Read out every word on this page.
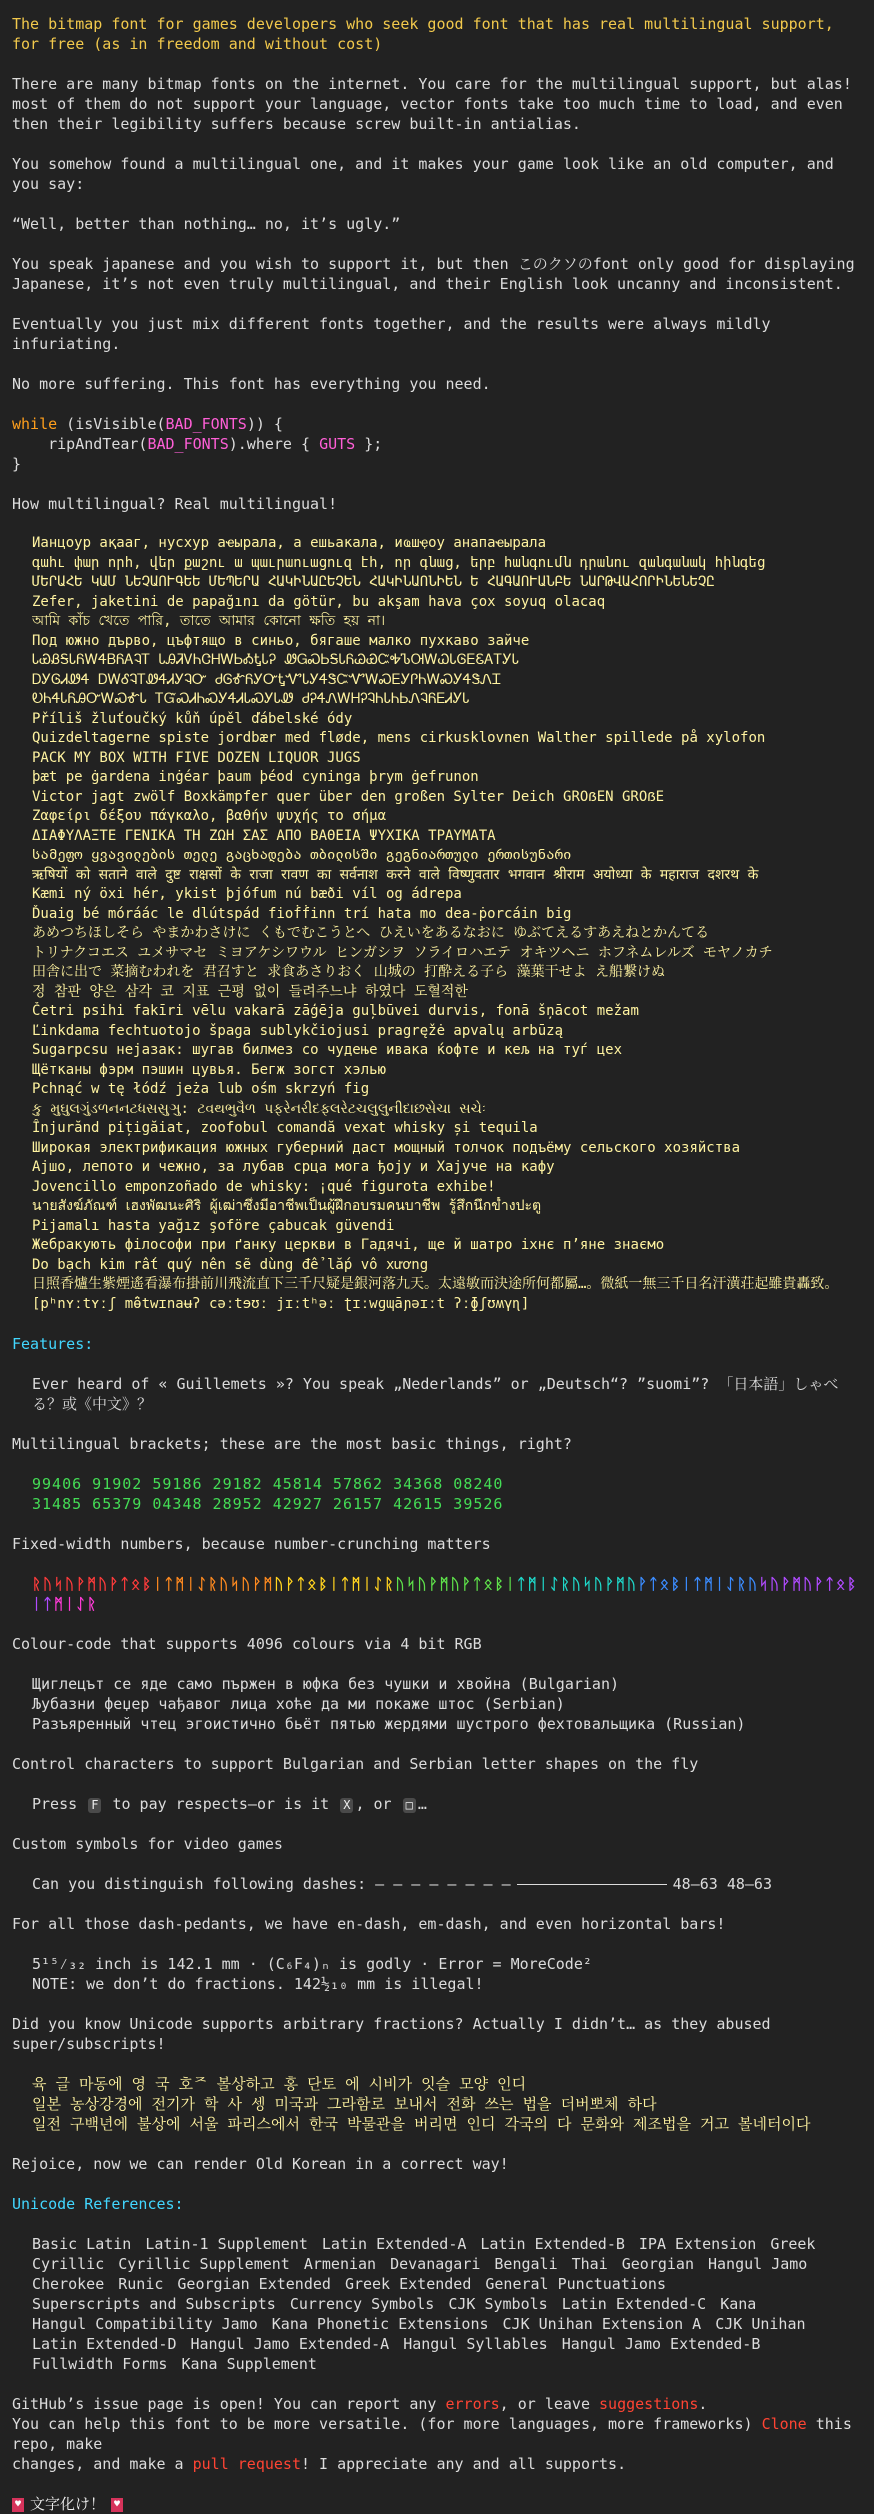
The bitmap font for games developers who seek good font that has real multilingual support,

for free (as in freedom and without cost)

There are many bitmap fonts on the internet. You care for the multilingual support, but alas!

most of them do not support your language, vector fonts take too much time to load, and even

then their legibility suffers because screw built-in antialias.

You somehow found a multilingual one, and it makes your game look like an old computer, and you say:

“Well, better than nothing… no, it’s ugly.”

You speak japanese and you wish to support it, but then このクソのfont only good for displaying

Japanese, it’s not even truly multilingual, and their English look uncanny and inconsistent.

Eventually you just mix different fonts together, and the results were always mildly infuriating.

No more suffering. This font has everything you need.

while (isVisible(BAD_FONTS)) {

ripAndTear(BAD_FONTS).where { GUTS };

}

How multilingual? Real multilingual!

Ианцоур ақааг, нусхур аҽырала, а ешьакала, иҩшҿоу анапаҽырала

գահւ փար որհ, վեր քաշու ա պաւրաուացուզ էհ, որ գնաց, երբ հանգումն դրանու զանգանակ հինգեց

ՄԵՐԱՀԵ ԿԱՄ ՆԵՉԱՈՒԳԵԵ ՄԵՊԵՐԱ ՀԱԿԻՆԱԸԵՉԵՆ ՀԱԿԻՆԱՈՆԻԵՆ Ե ՀԱԳԱՈՒԱՆԲԵ ՆԱՐԹՎԱՀՈՐԻՆԵՆԵՉԸ

Zefer, jaketini de papağını da götür, bu akşam hava çox soyuq olacaq

আমি কাঁচ খেতে পারি, তাতে আমার কোনো ক্ষতি হয় না।

Под южно дърво, цъфтящо в синьо, бягаше малко пухкаво зайче

ᏓᏯᏰᎦᏓᏲᎳᏎᏴᏲᎪᎸᎢ ᏓᎯᏘᏙᏂᏣᎻᎳᏏᎣᎿᏓᎮ ᏪᏀᏍᏏᎦᏓᏲᏊᏯᏨᎭᏖᎺᎳᏇᏓᎶᎬᏋᎪᎢᎩᏓ

ᎠᎩᎶᏗᏪᏎ ᎠᎳᎴᎸᎢᏪᏎᏗᎩᎸᏅ ᏧᎶᎹᏲᎩᏅᎿᏉᏓᎩᏎᏕᏨᏉᎳᏍᎬᎩᎵᏂᎳᏍᎩᏎᏕᏁᏆ

ᎧᏂᏎᏓᏲᎯᏅᎳᏍᎹᏓ ᎢᏳᏍᏗᏂᏍᎩᏎᏗᏓᏍᎩᏓᏪ ᏧᎮᏎᏁᎳᎻᎮᎸᏂᏓᏂᏏᏁᎸᏲᎬᏗᎩᏓ

Příliš žluťoučký kůň úpěl ďábelské ódy

Quizdeltagerne spiste jordbær med fløde, mens cirkusklovnen Walther spillede på xylofon

PACK MY BOX WITH FIVE DOZEN LIQUOR JUGS

þæt pe ġardena inġéar þaum þéod cyninga þrym ġefrunon

Victor jagt zwölf Boxkämpfer quer über den großen Sylter Deich GROẞEN GROẞE

Ζαφείρι δέξου πάγκαλο, βαθήν ψυχής το σήμα

ΔΙΑΦΥΛΑΞΤΕ ΓΕΝΙΚΑ ΤΗ ΖΩΗ ΣΑΣ ΑΠΟ ΒΑΘΕΙΑ ΨΥΧΙΚΑ ΤΡΑΥΜΑΤΑ

სამეფო ყვავილების თელე გაცხადება თბილისში გეგნიართული ერთისუნარი

ऋषियों को सताने वाले दुष्ट राक्षसों के राजा रावण का सर्वनाश करने वाले विष्णुवतार भगवान श्रीराम अयोध्या के महाराज दशरथ के

Kæmi ný öxi hér, ykist þjófum nú bæði víl og ádrepa

Ďuaig bé móráác le dlútspád fioḟḟinn trí hata mo dea-ṗorcáin big

あめつちほしそら やまかわさけに くもでむこうとへ ひえいをあるなおに ゆぶてえるすあえねとかんてる

トリナクコエス ユメサマセ ミヨアケシワウル ヒンガシヲ ソライロハエテ オキツヘニ ホフネムレルズ モヤノカチ

田舎に出で 菜摘むわれを 君召すと 求食あさりおく 山城の 打酔える子ら 藻葉干せよ え船繋けぬ

정 참판 양은 삼각 코 지표 근평 없이 들려주느냐 하였다 도혈적한

Četri psihi fakīri vēlu vakarā zāģēja guļbūvei durvis, fonā šņācot mežam

Ľinkdama fechtuotojo špaga sublykčiojusi pragręžė apvalų arbūzą

Sugarpcsu нејазак: шугав билмез со чудење ивака ќофте и кељ на туѓ цех

Щётканы фэрм пэшин цувья. Бегж зогст хэлью

Pchnąć w tę łódź jeża lub ośm skrzyń fig

કુ મુઘુલગુંડળનનટધસસુઞુ: ટવથભુવૈળ પફરેનરીદફલરેટચલુલુનીદાછસેચા સચેઃ

Înjurănd pițigăiat, zoofobul comandă vexat whisky și tequila

Широкая электрификация южных губерний даст мощный толчок подъёму сельского хозяйства

Ајшо, лепото и чежно, за лубав срца мога ђоју и Хајуче на кафу

Jovencillo emponzoñado de whisky: ¡qué figurota exhibe!

นายสังฆ์ภัณฑ์ เฮงพัฒนะศิริ ผู้เฒ่าซึ่งมีอาชีพเป็นผู้ฝึกอบรมคนบาชีพ รู้สึกนึกข้ำงปะตู

Pijamalı hasta yağız şoföre çabucak güvendi

Жебракують філософи при ґанку церкви в Гадячі, ще й шатро іхнє п’яне знаємо

Do bạch kim rất quý nên sẽ dùng để lắp vô xương

日照香爐生紫煙遙看瀑布掛前川飛流直下三千尺疑是銀河落九天。太遠敏而決途所何都屬…。微紙一無三千日名汗潢荘起雖貴轟致。

[pʰnʏːtʏːʃ mɵ̈̂twɪnaʉʔ cəːtɘʊː jɪːtʰəː ʈɪːwɡɰāɲəɪːt ʔːɸʃʊʍγɳ]

Features:

Ever heard of « Guillemets »? You speak „Nederlands” or „Deutsch“? ”suomi”? 「日本語」しゃべる？或《中文》？

Multilingual brackets; these are the most basic things, right?

99406 91902 59186 29182 45814 57862 34368 08240

31485 65379 04348 28952 42927 26157 42615 39526

Fixed-width numbers, because number-crunching matters

ᚱᚢᛋᚢᚹᛗᚢᚹᛏᛟᛒᛁᛏᛗᛁᛇᚱᚢᛋᚢᚹᛗᚢᚹᛏᛟᛒᛁᛏᛗᛁᛇᚱᚢᛋᚢᚹᛗᚢᚹᛏᛟᛒᛁᛏᛗᛁᛇᚱᚢᛋᚢᚹᛗᚢᚹᛏᛟᛒᛁᛏᛗᛁᛇᚱᚢᛋᚢᚹᛗᚢᚹᛏᛟᛒᛁᛏᛗᛁᛇᚱ

Colour-code that supports 4096 colours via 4 bit RGB

Щиглецът се яде само пържен в юфка без чушки и хвойна (Bulgarian)

Љубазни феџер чађавог лица хоће да ми покаже штос (Serbian)

Разъяренный чтец эгоистично бьёт пятью жердями шустрого фехтовальщика (Russian)

Control characters to support Bulgarian and Serbian letter shapes on the fly

Press F to pay respects—or is it X , or □ …

Custom symbols for video games

Can you distinguish following dashes: ‒ ‒ ‒ ‒ – – – —	48–63 48–63

For all those dash-pedants, we have en-dash, em-dash, and even horizontal bars!

5¹⁵⁄₃₂ inch is 142.1 mm · (C₆F₄)ₙ is godly · Error = MoreCode²

NOTE: we don’t do fractions. 142½₁₀ mm is illegal!

Did you know Unicode supports arbitrary fractions? Actually I didn’t… as they abused super/subscripts!

육 글 마동에 영 국 호ᄌ 볼상하고 홍 단토 에 시비가 잇슬 모양 인디

일본 농상강경에 전기가 학 사 셍 미국과 그라함로 보내서 전화 쓰는 법을 더버뽀체 하다

일전 구백년에 불상에 서울 파리스에서 한국 박물관을 버리면 인디 각국의 다 문화와 제조법을 거고 볼네터이다

Rejoice, now we can render Old Korean in a correct way!

Unicode References:

Basic Latin Latin-1 Supplement Latin Extended-A Latin Extended-B IPA Extension GreekCyrillic Cyrillic Supplement Armenian Devanagari Bengali Thai Georgian Hangul JamoCherokee Runic Georgian Extended Greek Extended General PunctuationsSuperscripts and Subscripts Currency Symbols CJK Symbols Latin Extended-C KanaHangul Compatibility Jamo Kana Phonetic Extensions CJK Unihan Extension A CJK UnihanLatin Extended-D Hangul Jamo Extended-A Hangul Syllables Hangul Jamo Extended-BFullwidth Forms Kana Supplement

GitHub’s issue page is open! You can report any errors, or leave suggestions.

You can help this font to be more versatile. (for more languages, more frameworks) Clone this repo, make

changes, and make a pull request! I appreciate any and all supports.

♥ 文字化け！ ♥
